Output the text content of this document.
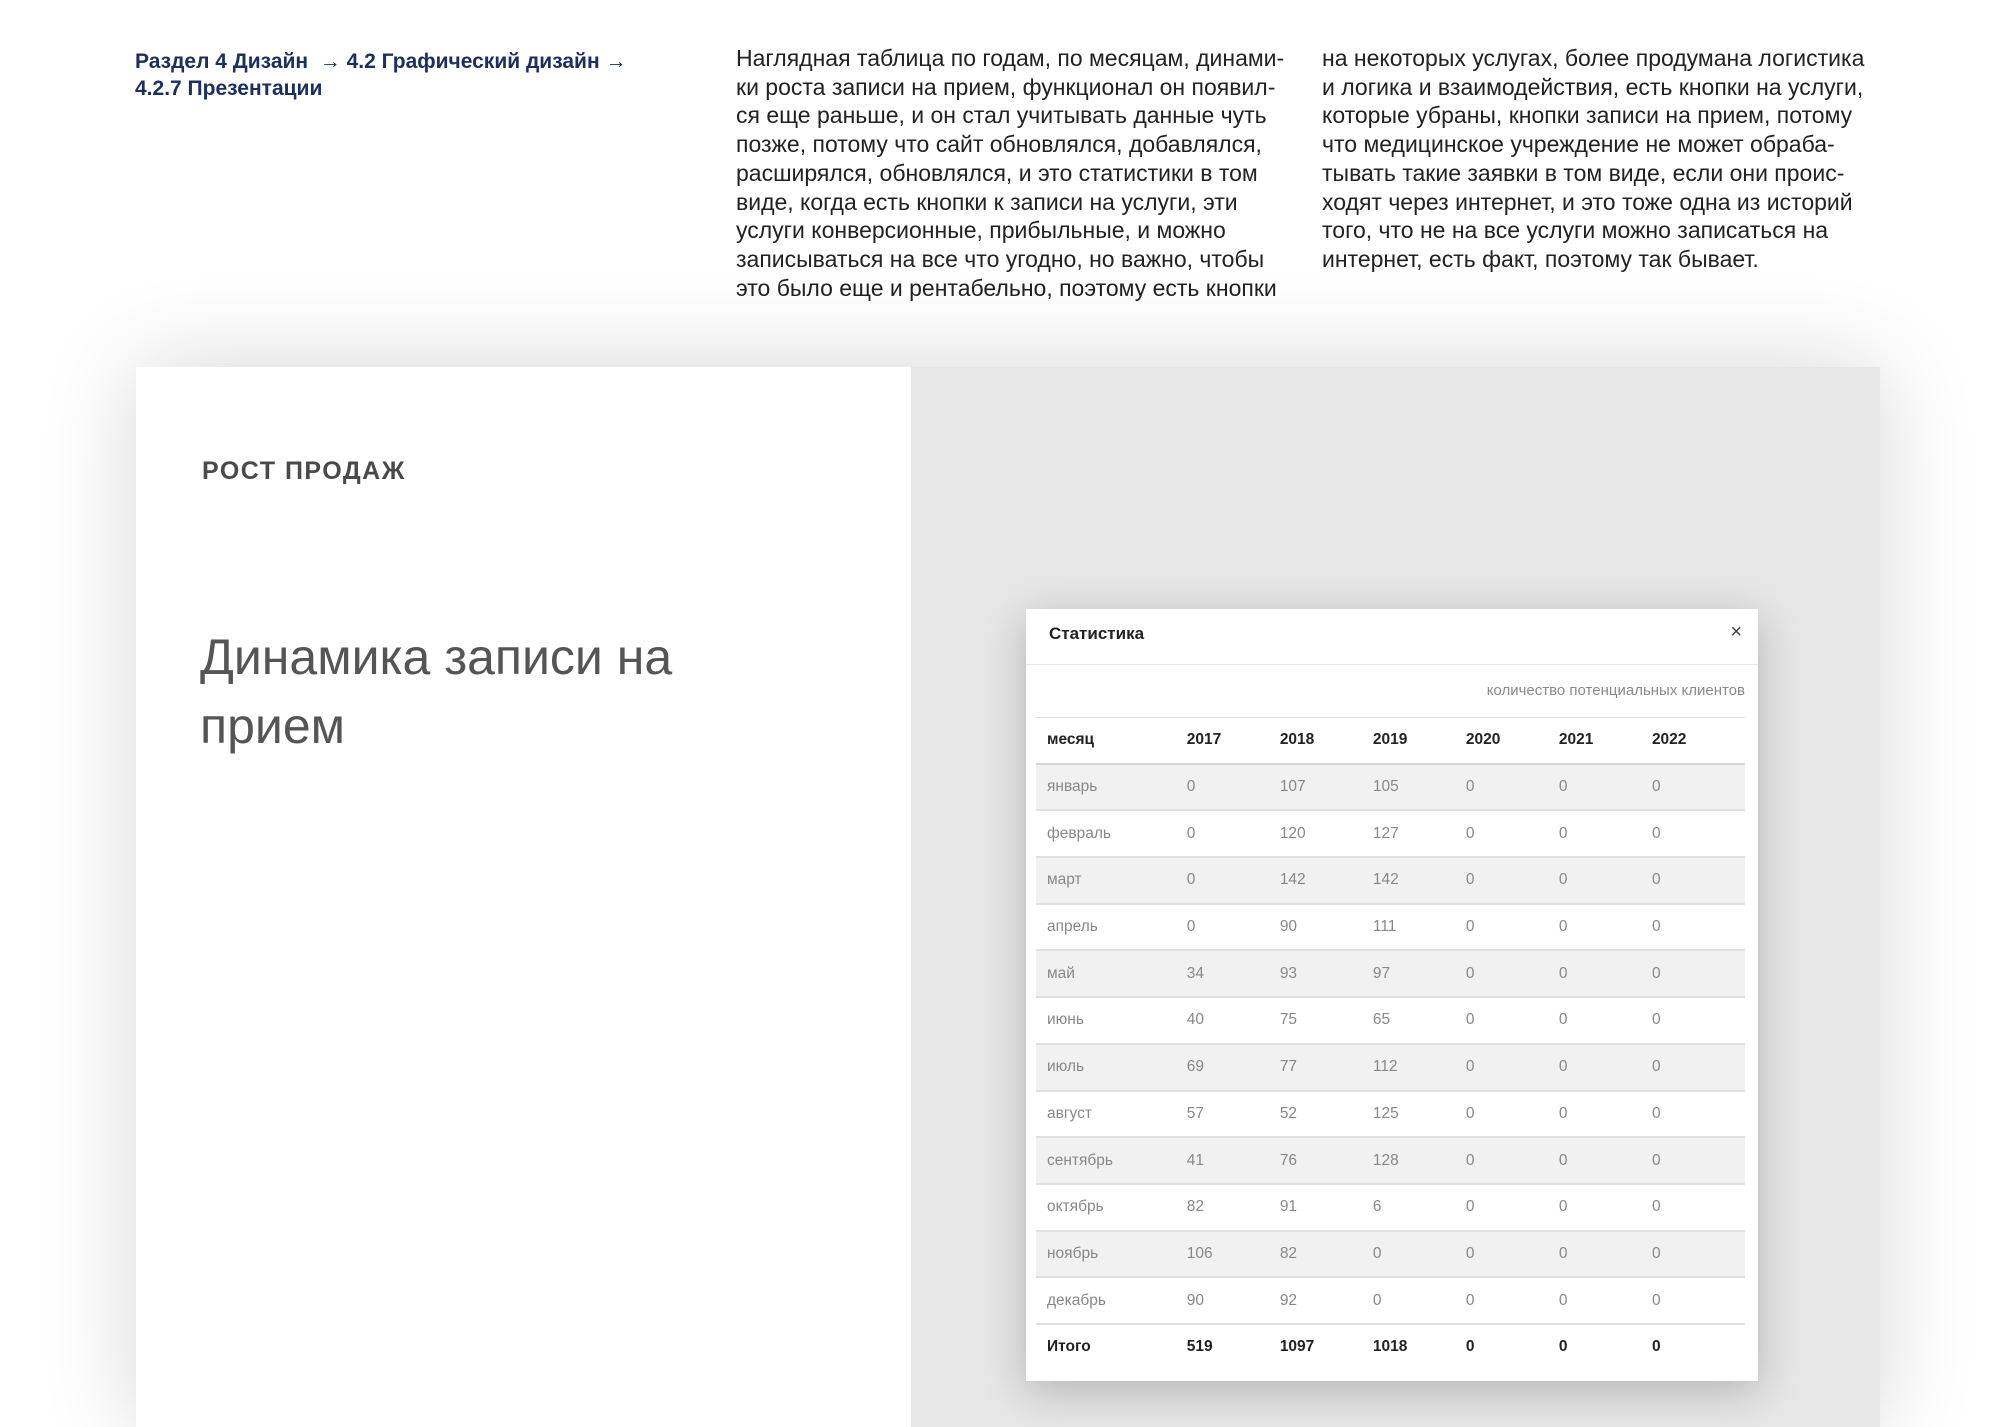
Раздел 4 Дизайн  → 4.2 Графический дизайн →
4.2.7 Презентации
Наглядная таблица по годам, по месяцам, динами-
ки роста записи на прием, функционал он появил-
ся еще раньше, и он стал учитывать данные чуть
позже, потому что сайт обновлялся, добавлялся,
расширялся, обновлялся, и это статистики в том
виде, когда есть кнопки к записи на услуги, эти
услуги конверсионные, прибыльные, и можно
записываться на все что угодно, но важно, чтобы
это было еще и рентабельно, поэтому есть кнопки
на некоторых услугах, более продумана логистика
и логика и взаимодействия, есть кнопки на услуги,
которые убраны, кнопки записи на прием, потому
что медицинское учреждение не может обраба-
тывать такие заявки в том виде, если они проис-
ходят через интернет, и это тоже одна из историй
того, что не на все услуги можно записаться на
интернет, есть факт, поэтому так бывает.
РОСТ ПРОДАЖ
Динамика записи на
прием
Статистика	×
количество потенциальных клиентов
месяц	2017	2018	2019	2020	2021	2022
январь	0	107	105	0	0	0
февраль	0	120	127	0	0	0
март	0	142	142	0	0	0
апрель	0	90	111	0	0	0
май	34	93	97	0	0	0
июнь	40	75	65	0	0	0
июль	69	77	112	0	0	0
август	57	52	125	0	0	0
сентябрь	41	76	128	0	0	0
октябрь	82	91	6	0	0	0
ноябрь	106	82	0	0	0	0
декабрь	90	92	0	0	0	0
Итого	519	1097	1018	0	0	0
